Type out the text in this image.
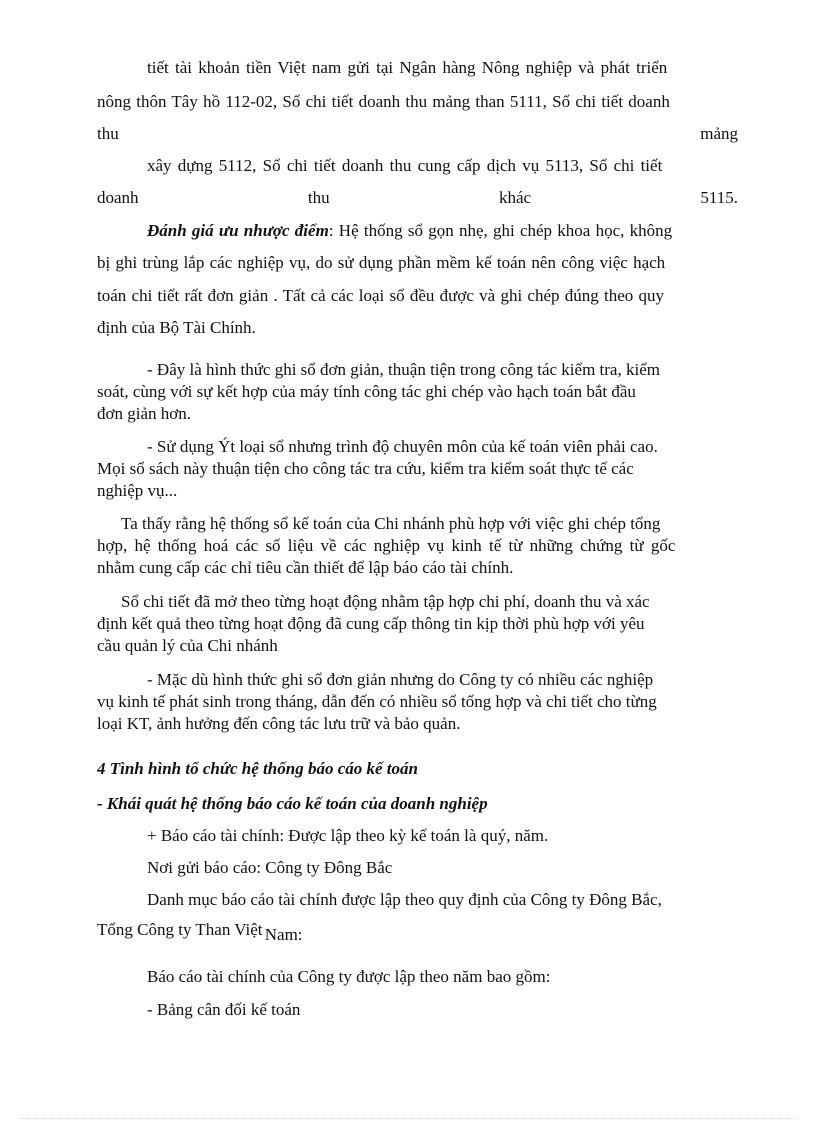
tiết tài khoản tiền Việt nam gửi tại Ngân hàng Nông nghiệp và phát triển
nông thôn Tây hồ 112-02, Sổ chi tiết doanh thu mảng than 5111, Sổ chi tiết doanh
thu	mảng
xây dựng 5112, Sổ chi tiết doanh thu cung cấp dịch vụ 5113, Sổ chi tiết
doanh	thu	khác	5115.
Đánh giá ưu nhược điểm: Hệ thống sổ gọn nhẹ, ghi chép khoa học, không
bị ghi trùng lắp các nghiệp vụ, do sử dụng phần mềm kế toán nên công việc hạch
toán chi tiết rất đơn giản . Tất cả các loại sổ đều được và ghi chép đúng theo quy
định của Bộ Tài Chính.
- Đây là hình thức ghi sổ đơn giản, thuận tiện trong công tác kiểm tra, kiểm
soát, cùng với sự kết hợp của máy tính công tác ghi chép vào hạch toán bắt đầu
đơn giản hơn.
- Sử dụng Ýt loại sổ nhưng trình độ chuyên môn của kế toán viên phải cao.
Mọi sổ sách này thuận tiện cho công tác tra cứu, kiểm tra kiểm soát thực tế các
nghiệp vụ...
Ta thấy rằng hệ thống sổ kế toán của Chi nhánh phù hợp với việc ghi chép tổng
hợp, hệ thống hoá các số liệu về các nghiệp vụ kinh tế từ những chứng từ gốc
nhằm cung cấp các chỉ tiêu cần thiết để lập báo cáo tài chính.
Sổ chi tiết đã mở theo từng hoạt động nhằm tập hợp chi phí, doanh thu và xác
định kết quả theo từng hoạt động đã cung cấp thông tin kịp thời phù hợp với yêu
cầu quản lý của Chi nhánh
- Mặc dù hình thức ghi sổ đơn giản nhưng do Công ty có nhiều các nghiệp
vụ kinh tế phát sinh trong tháng, dẫn đến có nhiều sổ tổng hợp và chi tiết cho từng
loại KT, ảnh hưởng đến công tác lưu trữ và bảo quản.
4 Tình hình tổ chức hệ thống báo cáo kế toán
- Khái quát hệ thống báo cáo kế toán của doanh nghiệp
+ Báo cáo tài chính: Được lập theo kỳ kế toán là quý, năm.
Nơi gửi báo cáo: Công ty Đông Bắc
Danh mục báo cáo tài chính được lập theo quy định của Công ty Đông Bắc,
Tổng Công ty Than Việt Nam:
Báo cáo tài chính của Công ty được lập theo năm bao gồm:
- Bảng cân đối kế toán
